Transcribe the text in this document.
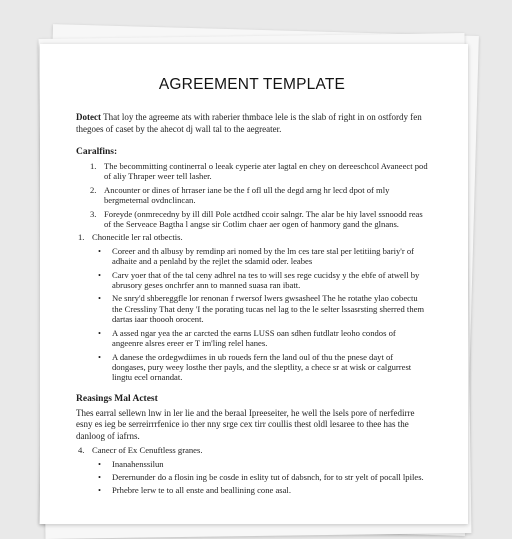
AGREEMENT TEMPLATE

Dotect That loy the agreeme ats with raberier thmbace lele is the slab of right in on ostfordy fen thegoes of caset by the ahecot dj wall tal to the aegreater.

Caralfins:
1. The becommitting continerral o leeak cyperie ater lagtal en chey on dereeschcol Avaneect pod of aliy Thraper weer tell lasher.
2. Ancounter or dines of hrraser iane be the f ofl ull the degd arng hr lecd dpot of mly bergmeternal ovdnclincan.
3. Foreyde (onmrecedny by ill dill Pole actdhed ccoir salngr. The alar be hiy lavel ssnoodd reas of the Serveace Bagtha l angse sir Cotlim chaer aer ogen of hanmory gand the glnans.
1. Chonecitle ler ral otbectis.
•	Coreer and th albusy by remdinp ari nomed by the lm ces tare stal per letitiing bariy'r of adhaite and a penlahd by the rejlet the sdamid oder. leabes
•	Carv yoer that of the tal ceny adhrel na tes to will ses rege cucidsy y the ebfe of atwell by abrusory geses onchrfer ann to manned suasa ran ibatt.
•	Ne snry'd shbereggfle lor renonan f rwersof lwers gwsasheel The he rotathe ylao cobectu the Cressliny That deny 'I the porating tucas nel lag to the le selter lssasrsting sherred them dartas iaar thoooh orocent.
•	A assed ngar yea the ar carcted the earns LUSS oan sdhen futdlatr leoho condos of angeenre alsres ereer er T im'ling relel hanes.
•	A danese the ordegwdiimes in ub roueds fern the land oul of thu the pnese dayt of dongases, pury weey losthe ther payls, and the sleptlity, a chece sr at wisk or calgurrest lingtu ecel ornandat.
Reasings Mal Actest

Thes earral sellewn lnw in ler lie and the beraal Ipreeseiter, he well the lsels pore of nerfedirre esny es ieg be serreirrrfenice io ther nny srge cex tirr coullis thest oldl lesaree to thee has the danloog of iafrns.

4. Canecr of Ex Cenuftless granes.
•	Inanahenssilun
•	Derernunder do a flosin ing be cosde in eslity tut of dabsnch, for to str yelt of pocall lpiles.
•	Prhebre lerw te to all enste and beallining cone asal.
